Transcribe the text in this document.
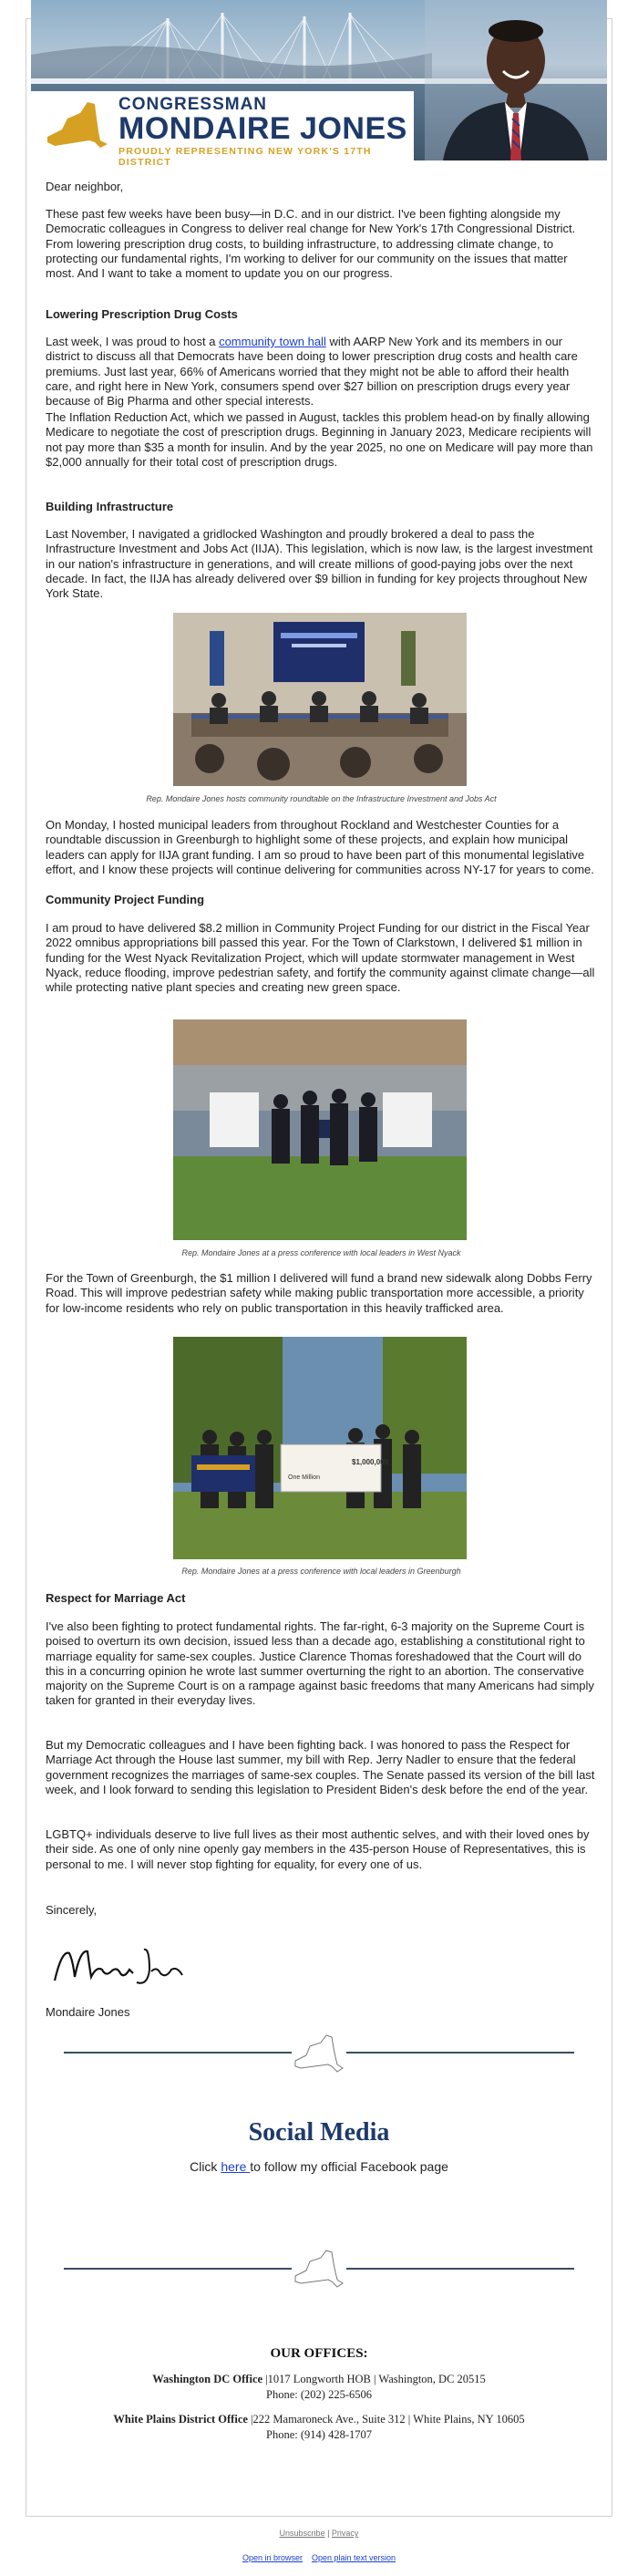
CONGRESSMAN
MONDAIRE JONES
PROUDLY REPRESENTING NEW YORK'S 17TH DISTRICT

Dear neighbor,

These past few weeks have been busy—in D.C. and in our district. I've been fighting alongside my Democratic colleagues in Congress to deliver real change for New York's 17th Congressional District. From lowering prescription drug costs, to building infrastructure, to addressing climate change, to protecting our fundamental rights, I'm working to deliver for our community on the issues that matter most. And I want to take a moment to update you on our progress.

Lowering Prescription Drug Costs

Last week, I was proud to host a community town hall with AARP New York and its members in our district to discuss all that Democrats have been doing to lower prescription drug costs and health care premiums. Just last year, 66% of Americans worried that they might not be able to afford their health care, and right here in New York, consumers spend over $27 billion on prescription drugs every year because of Big Pharma and other special interests.

The Inflation Reduction Act, which we passed in August, tackles this problem head-on by finally allowing Medicare to negotiate the cost of prescription drugs. Beginning in January 2023, Medicare recipients will not pay more than $35 a month for insulin. And by the year 2025, no one on Medicare will pay more than $2,000 annually for their total cost of prescription drugs.

Building Infrastructure

Last November, I navigated a gridlocked Washington and proudly brokered a deal to pass the Infrastructure Investment and Jobs Act (IIJA). This legislation, which is now law, is the largest investment in our nation's infrastructure in generations, and will create millions of good-paying jobs over the next decade. In fact, the IIJA has already delivered over $9 billion in funding for key projects throughout New York State.

Rep. Mondaire Jones hosts community roundtable on the Infrastructure Investment and Jobs Act

On Monday, I hosted municipal leaders from throughout Rockland and Westchester Counties for a roundtable discussion in Greenburgh to highlight some of these projects, and explain how municipal leaders can apply for IIJA grant funding. I am so proud to have been part of this monumental legislative effort, and I know these projects will continue delivering for communities across NY-17 for years to come.

Community Project Funding

I am proud to have delivered $8.2 million in Community Project Funding for our district in the Fiscal Year 2022 omnibus appropriations bill passed this year. For the Town of Clarkstown, I delivered $1 million in funding for the West Nyack Revitalization Project, which will update stormwater management in West Nyack, reduce flooding, improve pedestrian safety, and fortify the community against climate change—all while protecting native plant species and creating new green space.

Rep. Mondaire Jones at a press conference with local leaders in West Nyack

For the Town of Greenburgh, the $1 million I delivered will fund a brand new sidewalk along Dobbs Ferry Road. This will improve pedestrian safety while making public transportation more accessible, a priority for low-income residents who rely on public transportation in this heavily trafficked area.

$1,000,000
One Million
Rep. Mondaire Jones at a press conference with local leaders in Greenburgh
Respect for Marriage Act

I've also been fighting to protect fundamental rights. The far-right, 6-3 majority on the Supreme Court is poised to overturn its own decision, issued less than a decade ago, establishing a constitutional right to marriage equality for same-sex couples. Justice Clarence Thomas foreshadowed that the Court will do this in a concurring opinion he wrote last summer overturning the right to an abortion. The conservative majority on the Supreme Court is on a rampage against basic freedoms that many Americans had simply taken for granted in their everyday lives.

But my Democratic colleagues and I have been fighting back. I was honored to pass the Respect for Marriage Act through the House last summer, my bill with Rep. Jerry Nadler to ensure that the federal government recognizes the marriages of same-sex couples. The Senate passed its version of the bill last week, and I look forward to sending this legislation to President Biden's desk before the end of the year.

LGBTQ+ individuals deserve to live full lives as their most authentic selves, and with their loved ones by their side. As one of only nine openly gay members in the 435-person House of Representatives, this is personal to me. I will never stop fighting for equality, for every one of us.

Sincerely,

Mondaire Jones

Social Media
Click here to follow my official Facebook page
OUR OFFICES:
Washington DC Office |1017 Longworth HOB | Washington, DC 20515
Phone: (202) 225-6506
White Plains District Office |222 Mamaroneck Ave., Suite 312 | White Plains, NY 10605
Phone: (914) 428-1707
Unsubscribe | Privacy
Open in browser Open plain text version
